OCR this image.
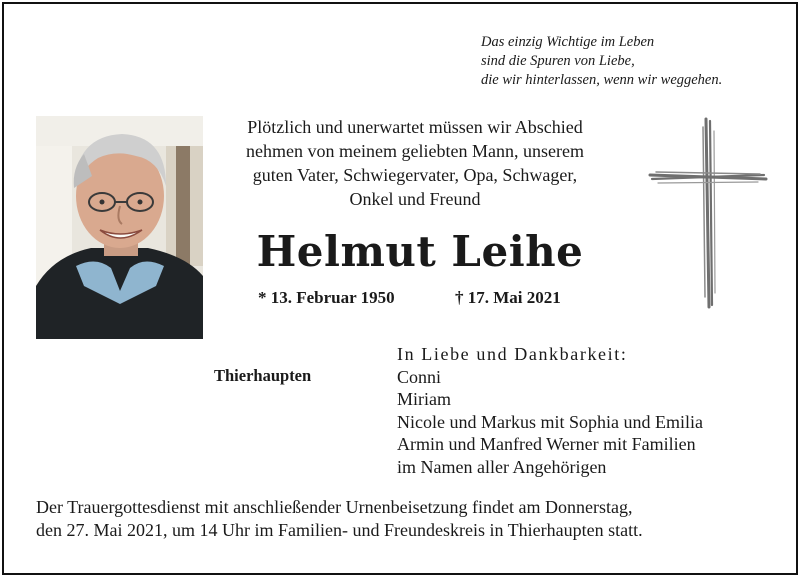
Das einzig Wichtige im Leben
sind die Spuren von Liebe,
die wir hinterlassen, wenn wir weggehen.
Plötzlich und unerwartet müssen wir Abschied
nehmen von meinem geliebten Mann, unserem
guten Vater, Schwiegervater, Opa, Schwager,
Onkel und Freund
Helmut Leihe
* 13. Februar 1950	† 17. Mai 2021
Thierhaupten
In Liebe und Dankbarkeit:
Conni
Miriam
Nicole und Markus mit Sophia und Emilia
Armin und Manfred Werner mit Familien
im Namen aller Angehörigen
Der Trauergottesdienst mit anschließender Urnenbeisetzung findet am Donnerstag,
den 27. Mai 2021, um 14 Uhr im Familien- und Freundeskreis in Thierhaupten statt.
